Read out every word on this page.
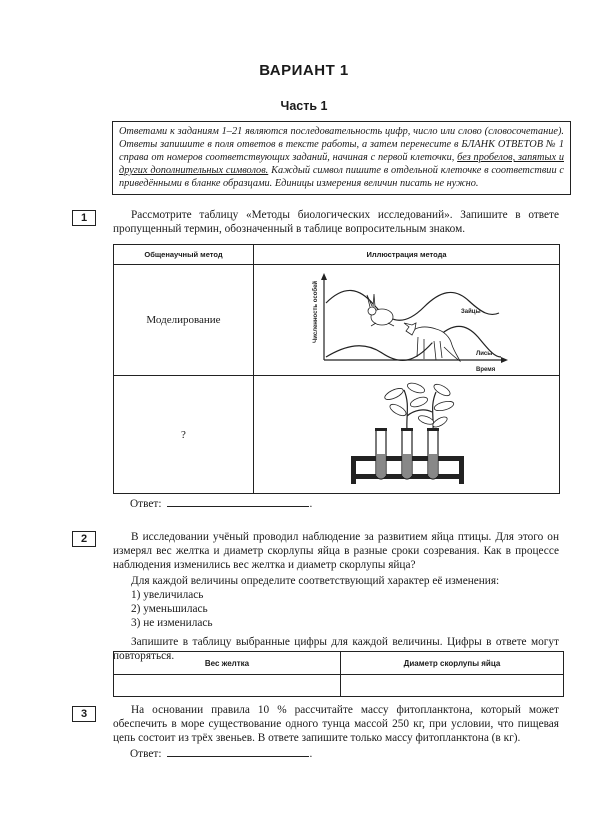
ВАРИАНТ 1
Часть 1
Ответами к заданиям 1–21 являются последовательность цифр, число или слово (словосочетание). Ответы запишите в поля ответов в тексте работы, а затем перенесите в БЛАНК ОТВЕТОВ № 1 справа от номеров соответствующих заданий, начиная с первой клеточки, без пробелов, запятых и других дополнительных символов. Каждый символ пишите в отдельной клеточке в соответствии с приведёнными в бланке образцами. Единицы измерения величин писать не нужно.
1	Рассмотрите таблицу «Методы биологических исследований». Запишите в ответе пропущенный термин, обозначенный в таблице вопросительным знаком.
Общенаучный метод	Иллюстрация метода
Моделирование	Численность особей Зайцы
Лисы
Время

?	
Ответ:	.
2	В исследовании учёный проводил наблюдение за развитием яйца птицы. Для этого он измерял вес желтка и диаметр скорлупы яйца в разные сроки созревания. Как в процессе наблюдения изменились вес желтка и диаметр скорлупы яйца?
Для каждой величины определите соответствующий характер её изменения:
1) увеличилась
2) уменьшилась
3) не изменилась
Запишите в таблицу выбранные цифры для каждой величины. Цифры в ответе могут повторяться.
Вес желтка	Диаметр скорлупы яйца

3	На основании правила 10 % рассчитайте массу фитопланктона, который может обеспечить в море существование одного тунца массой 250 кг, при условии, что пищевая цепь состоит из трёх звеньев. В ответе запишите только массу фитопланктона (в кг).
Ответ:	.
